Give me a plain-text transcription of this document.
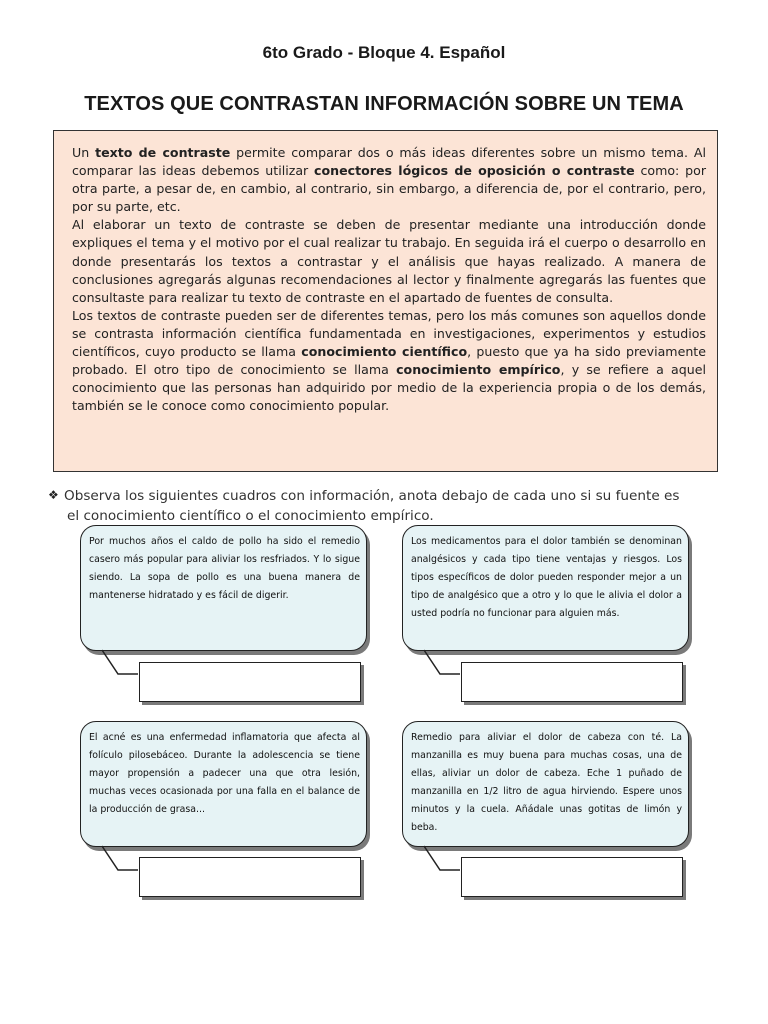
6to Grado - Bloque 4. Español
TEXTOS QUE CONTRASTAN INFORMACIÓN SOBRE UN TEMA

Un texto de contraste permite comparar dos o más ideas diferentes sobre un mismo tema. Al comparar las ideas debemos utilizar conectores lógicos de oposición o contraste como: por otra parte, a pesar de, en cambio, al contrario, sin embargo, a diferencia de, por el contrario, pero, por su parte, etc.

Al elaborar un texto de contraste se deben de presentar mediante una introducción donde expliques el tema y el motivo por el cual realizar tu trabajo. En seguida irá el cuerpo o desarrollo en donde presentarás los textos a contrastar y el análisis que hayas realizado. A manera de conclusiones agregarás algunas recomendaciones al lector y finalmente agregarás las fuentes que consultaste para realizar tu texto de contraste en el apartado de fuentes de consulta.

Los textos de contraste pueden ser de diferentes temas, pero los más comunes son aquellos donde se contrasta información científica fundamentada en investigaciones, experimentos y estudios científicos, cuyo producto se llama conocimiento científico, puesto que ya ha sido previamente probado. El otro tipo de conocimiento se llama conocimiento empírico, y se refiere a aquel conocimiento que las personas han adquirido por medio de la experiencia propia o de los demás, también se le conoce como conocimiento popular.

❖ Observa los siguientes cuadros con información, anota debajo de cada uno si su fuente es
el conocimiento científico o el conocimiento empírico.
Por muchos años el caldo de pollo ha sido el remedio casero más popular para aliviar los resfriados. Y lo sigue siendo. La sopa de pollo es una buena manera de mantenerse hidratado y es fácil de digerir.
Los medicamentos para el dolor también se denominan analgésicos y cada tipo tiene ventajas y riesgos. Los tipos específicos de dolor pueden responder mejor a un tipo de analgésico que a otro y lo que le alivia el dolor a usted podría no funcionar para alguien más.
El acné es una enfermedad inflamatoria que afecta al folículo pilosebáceo. Durante la adolescencia se tiene mayor propensión a padecer una que otra lesión, muchas veces ocasionada por una falla en el balance de la producción de grasa...
Remedio para aliviar el dolor de cabeza con té. La manzanilla es muy buena para muchas cosas, una de ellas, aliviar un dolor de cabeza. Eche 1 puñado de manzanilla en 1/2 litro de agua hirviendo. Espere unos minutos y la cuela. Añádale unas gotitas de limón y beba.
